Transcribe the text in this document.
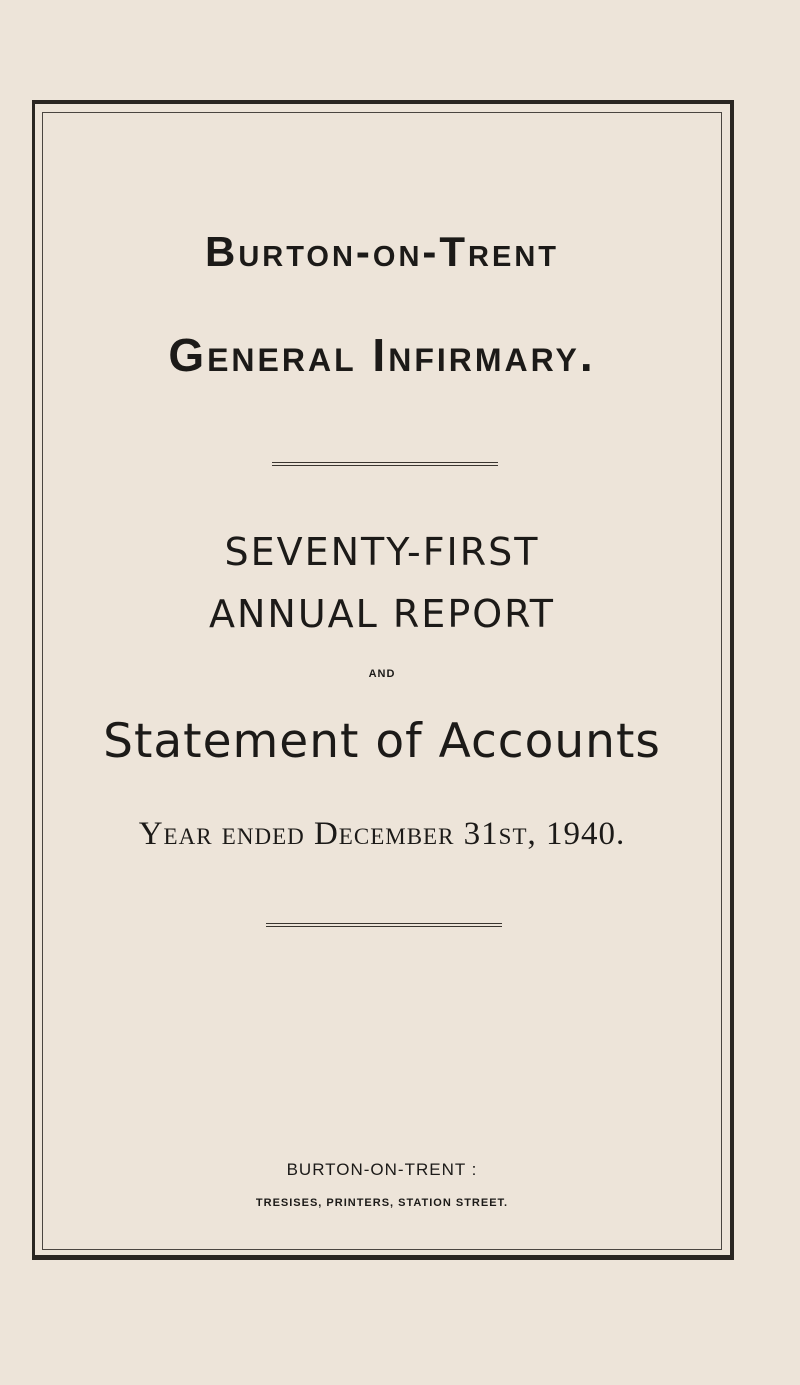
Burton-on-Trent
General Infirmary.
SEVENTY-FIRST
ANNUAL REPORT
AND
Statement of Accounts
Year ended December 31st, 1940.
BURTON-ON-TRENT :
TRESISES, PRINTERS, STATION STREET.
